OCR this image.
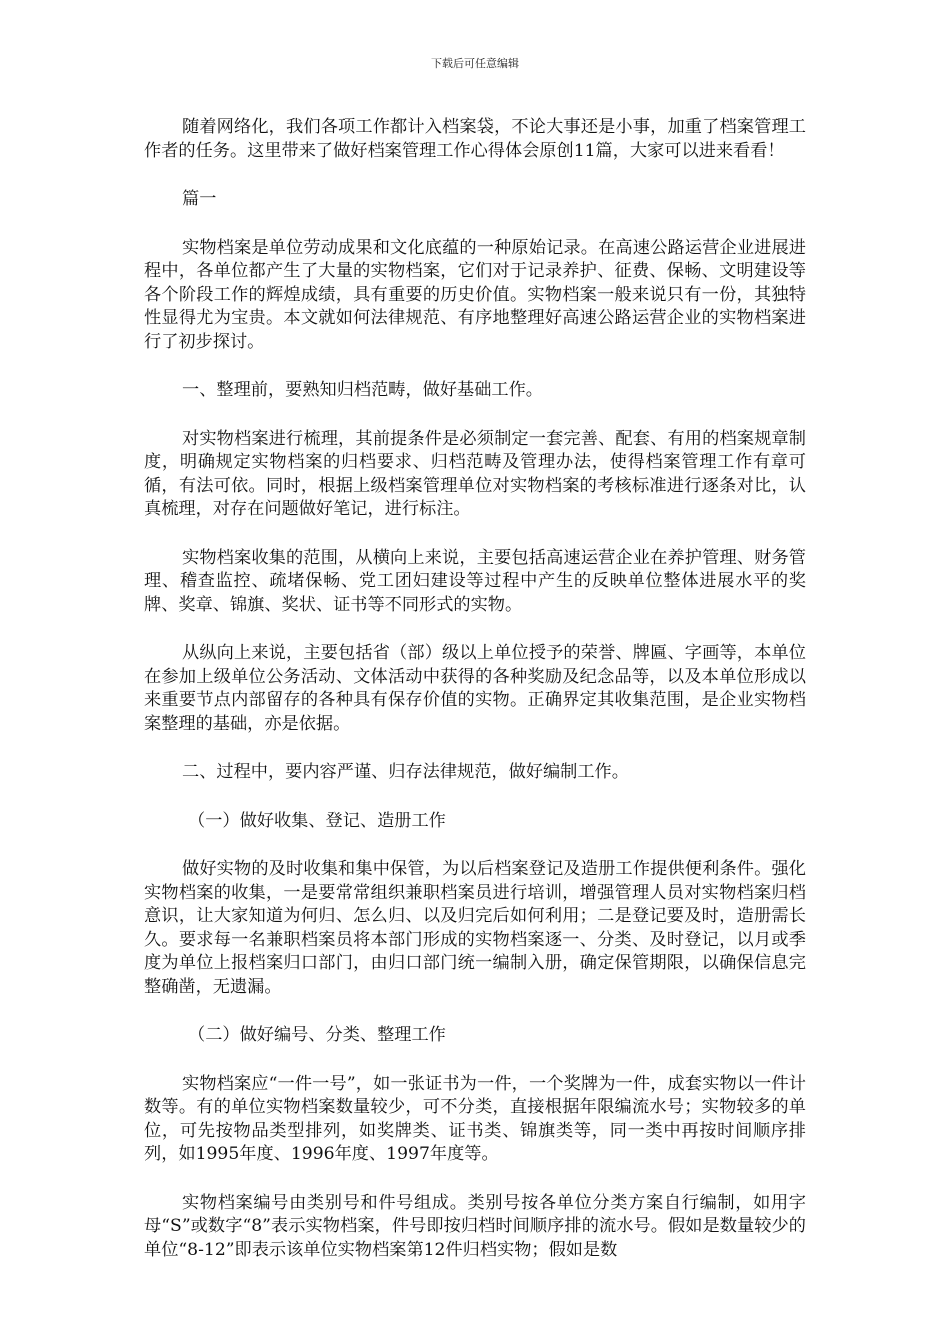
下载后可任意编辑

随着网络化，我们各项工作都计入档案袋，不论大事还是小事，加重了档案管理工作者的任务。这里带来了做好档案管理工作心得体会原创11篇，大家可以进来看看！

篇一

实物档案是单位劳动成果和文化底蕴的一种原始记录。在高速公路运营企业进展进程中，各单位都产生了大量的实物档案，它们对于记录养护、征费、保畅、文明建设等各个阶段工作的辉煌成绩，具有重要的历史价值。实物档案一般来说只有一份，其独特性显得尤为宝贵。本文就如何法律规范、有序地整理好高速公路运营企业的实物档案进行了初步探讨。

一、整理前，要熟知归档范畴，做好基础工作。

对实物档案进行梳理，其前提条件是必须制定一套完善、配套、有用的档案规章制度，明确规定实物档案的归档要求、归档范畴及管理办法，使得档案管理工作有章可循，有法可依。同时，根据上级档案管理单位对实物档案的考核标准进行逐条对比，认真梳理，对存在问题做好笔记，进行标注。

实物档案收集的范围，从横向上来说，主要包括高速运营企业在养护管理、财务管理、稽查监控、疏堵保畅、党工团妇建设等过程中产生的反映单位整体进展水平的奖牌、奖章、锦旗、奖状、证书等不同形式的实物。

从纵向上来说，主要包括省（部）级以上单位授予的荣誉、牌匾、字画等，本单位在参加上级单位公务活动、文体活动中获得的各种奖励及纪念品等，以及本单位形成以来重要节点内部留存的各种具有保存价值的实物。正确界定其收集范围，是企业实物档案整理的基础，亦是依据。

二、过程中，要内容严谨、归存法律规范，做好编制工作。

（一）做好收集、登记、造册工作

做好实物的及时收集和集中保管，为以后档案登记及造册工作提供便利条件。强化实物档案的收集，一是要常常组织兼职档案员进行培训，增强管理人员对实物档案归档意识，让大家知道为何归、怎么归、以及归完后如何利用；二是登记要及时，造册需长久。要求每一名兼职档案员将本部门形成的实物档案逐一、分类、及时登记，以月或季度为单位上报档案归口部门，由归口部门统一编制入册，确定保管期限，以确保信息完整确凿，无遗漏。

（二）做好编号、分类、整理工作

实物档案应“一件一号”，如一张证书为一件，一个奖牌为一件，成套实物以一件计数等。有的单位实物档案数量较少，可不分类，直接根据年限编流水号；实物较多的单位，可先按物品类型排列，如奖牌类、证书类、锦旗类等，同一类中再按时间顺序排列，如1995年度、1996年度、1997年度等。

实物档案编号由类别号和件号组成。类别号按各单位分类方案自行编制，如用字母“S”或数字“8”表示实物档案，件号即按归档时间顺序排的流水号。假如是数量较少的单位“8-12”即表示该单位实物档案第12件归档实物；假如是数
